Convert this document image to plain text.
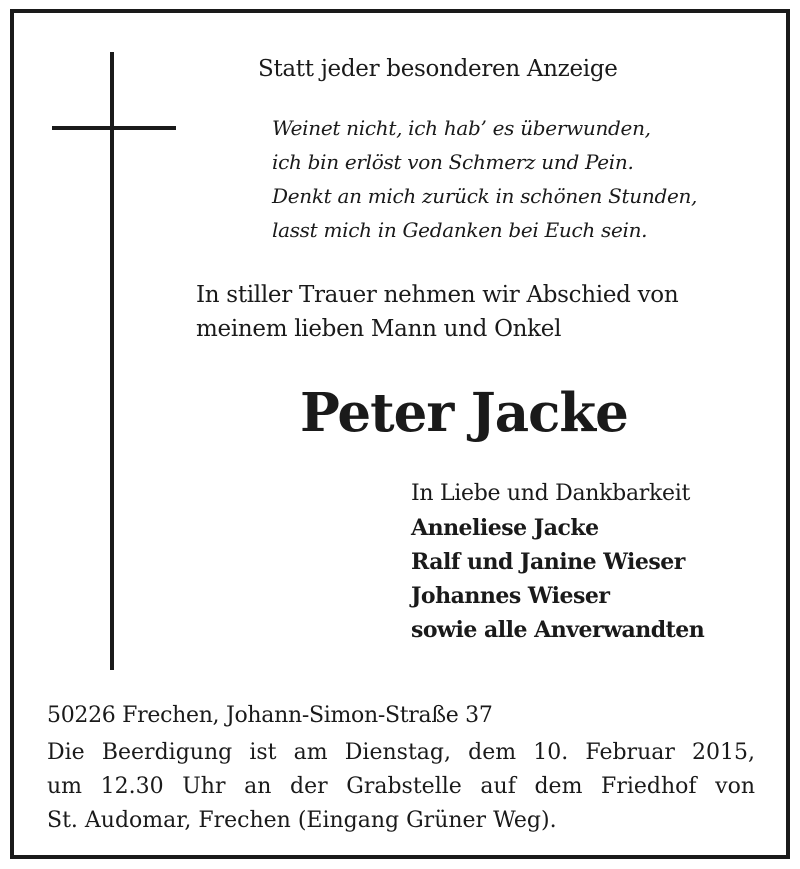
Statt jeder besonderen Anzeige

Weinet nicht, ich hab’ es überwunden,
ich bin erlöst von Schmerz und Pein.
Denkt an mich zurück in schönen Stunden,
lasst mich in Gedanken bei Euch sein.
In stiller Trauer nehmen wir Abschied von
meinem lieben Mann und Onkel
Peter Jacke
In Liebe und Dankbarkeit
Anneliese Jacke
Ralf und Janine Wieser
Johannes Wieser
sowie alle Anverwandten

50226 Frechen, Johann-Simon-Straße 37

Die Beerdigung ist am Dienstag, dem 10. Februar 2015,
um 12.30 Uhr an der Grabstelle auf dem Friedhof von
St. Audomar, Frechen (Eingang Grüner Weg).
